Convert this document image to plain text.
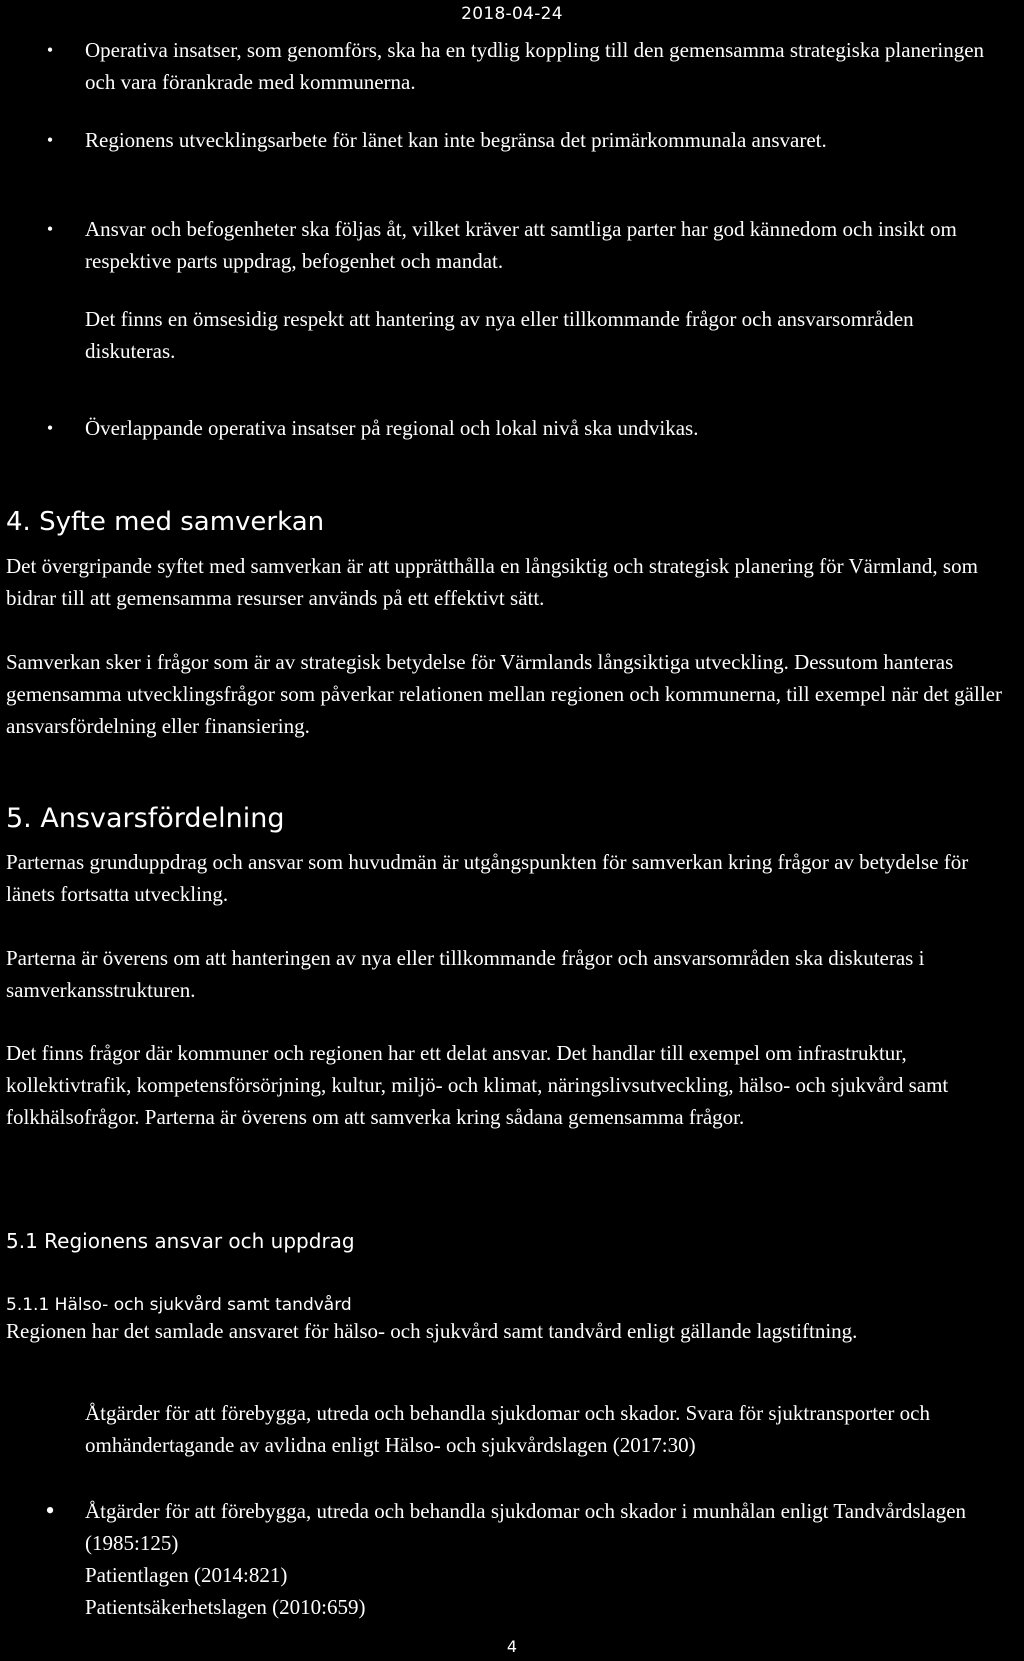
2018-04-24
•	Operativa insatser, som genomförs, ska ha en tydlig koppling till den gemensamma strategiska planeringen och vara förankrade med kommunerna.

•	Regionens utvecklingsarbete för länet kan inte begränsa det primärkommunala ansvaret.

•	Ansvar och befogenheter ska följas åt, vilket kräver att samtliga parter har god kännedom och insikt om respektive parts uppdrag, befogenhet och mandat.

Det finns en ömsesidig respekt att hantering av nya eller tillkommande frågor och ansvarsområden diskuteras.

•	Överlappande operativa insatser på regional och lokal nivå ska undvikas.

4. Syfte med samverkan

Det övergripande syftet med samverkan är att upprätthålla en långsiktig och strategisk planering för Värmland, som bidrar till att gemensamma resurser används på ett effektivt sätt.

Samverkan sker i frågor som är av strategisk betydelse för Värmlands långsiktiga utveckling. Dessutom hanteras gemensamma utvecklingsfrågor som påverkar relationen mellan regionen och kommunerna, till exempel när det gäller ansvarsfördelning eller finansiering.

5. Ansvarsfördelning

Parternas grunduppdrag och ansvar som huvudmän är utgångspunkten för samverkan kring frågor av betydelse för länets fortsatta utveckling.

Parterna är överens om att hanteringen av nya eller tillkommande frågor och ansvarsområden ska diskuteras i samverkansstrukturen.

Det finns frågor där kommuner och regionen har ett delat ansvar. Det handlar till exempel om infrastruktur, kollektivtrafik, kompetensförsörjning, kultur, miljö- och klimat, näringslivsutveckling, hälso- och sjukvård samt folkhälsofrågor. Parterna är överens om att samverka kring sådana gemensamma frågor.

5.1 Regionens ansvar och uppdrag
5.1.1 Hälso- och sjukvård samt tandvård

Regionen har det samlade ansvaret för hälso- och sjukvård samt tandvård enligt gällande lagstiftning.

Åtgärder för att förebygga, utreda och behandla sjukdomar och skador. Svara för sjuktransporter och omhändertagande av avlidna enligt Hälso- och sjukvårdslagen (2017:30)

• Åtgärder för att förebygga, utreda och behandla sjukdomar och skador i munhålan enligt Tandvårdslagen (1985:125)

Patientlagen (2014:821)

Patientsäkerhetslagen (2010:659)

4
